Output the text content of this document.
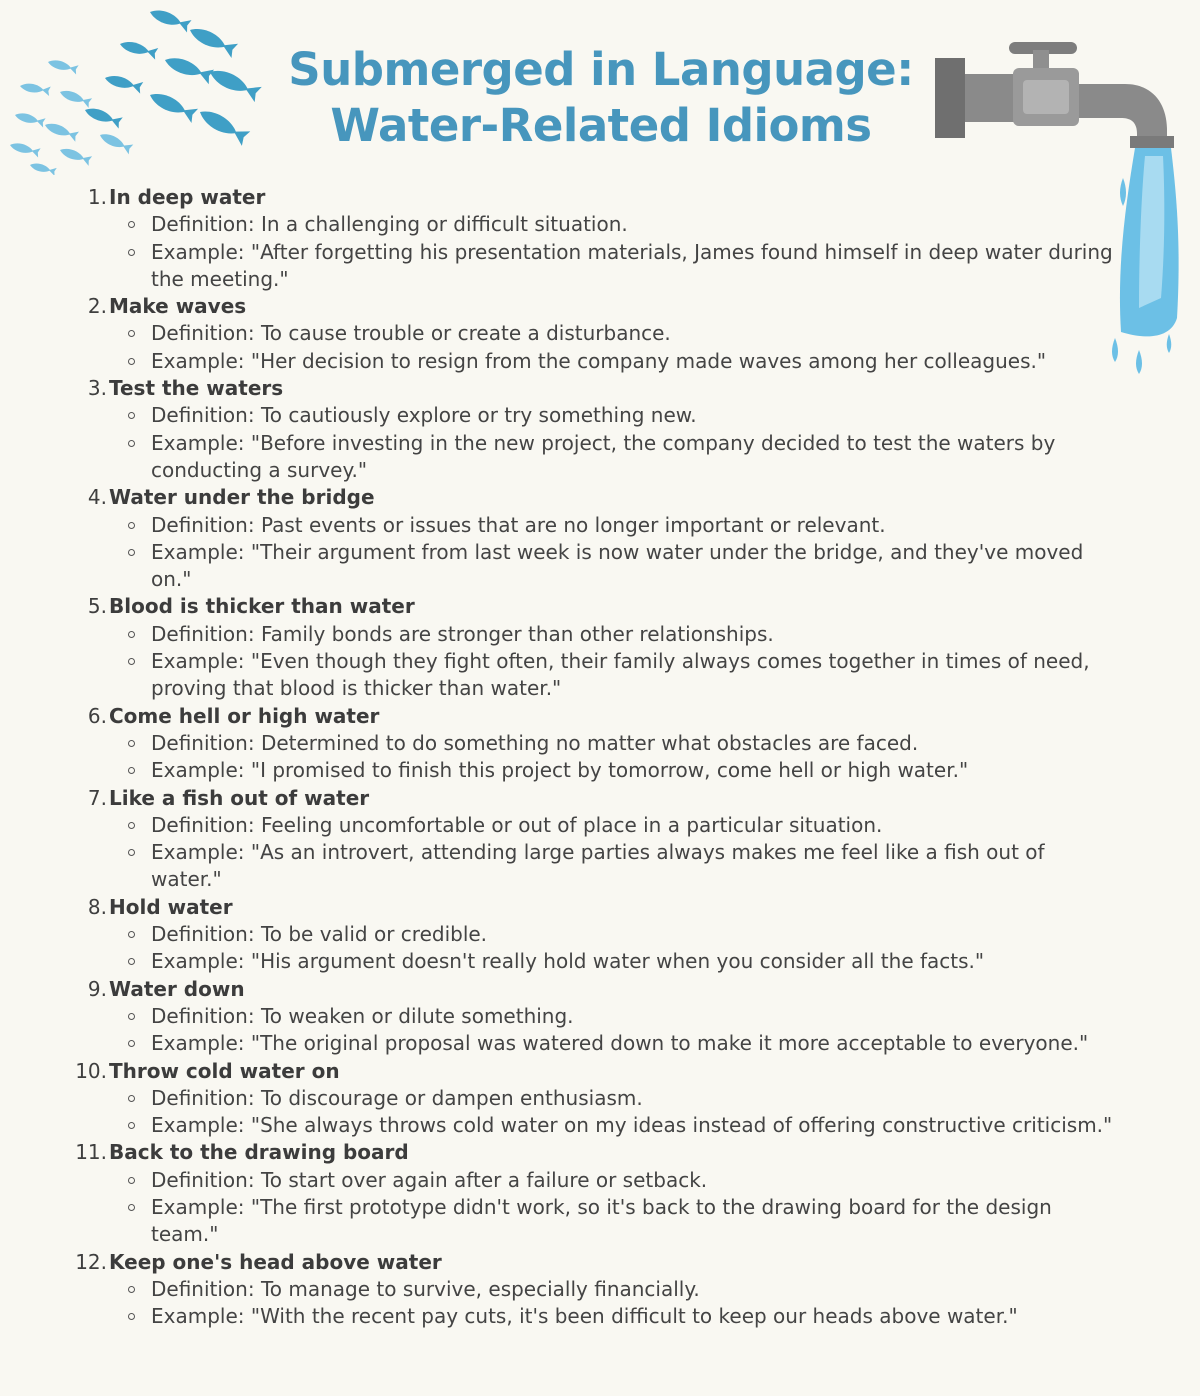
Submerged in Language:
Water-Related Idioms
1. In deep water
Definition: In a challenging or difficult situation.
Example: "After forgetting his presentation materials, James found himself in deep water during the meeting."
2. Make waves
Definition: To cause trouble or create a disturbance.
Example: "Her decision to resign from the company made waves among her colleagues."
3. Test the waters
Definition: To cautiously explore or try something new.
Example: "Before investing in the new project, the company decided to test the waters by conducting a survey."
4. Water under the bridge
Definition: Past events or issues that are no longer important or relevant.
Example: "Their argument from last week is now water under the bridge, and they've moved on."
5. Blood is thicker than water
Definition: Family bonds are stronger than other relationships.
Example: "Even though they fight often, their family always comes together in times of need, proving that blood is thicker than water."
6. Come hell or high water
Definition: Determined to do something no matter what obstacles are faced.
Example: "I promised to finish this project by tomorrow, come hell or high water."
7. Like a fish out of water
Definition: Feeling uncomfortable or out of place in a particular situation.
Example: "As an introvert, attending large parties always makes me feel like a fish out of water."
8. Hold water
Definition: To be valid or credible.
Example: "His argument doesn't really hold water when you consider all the facts."
9. Water down
Definition: To weaken or dilute something.
Example: "The original proposal was watered down to make it more acceptable to everyone."
10. Throw cold water on
Definition: To discourage or dampen enthusiasm.
Example: "She always throws cold water on my ideas instead of offering constructive criticism."
11. Back to the drawing board
Definition: To start over again after a failure or setback.
Example: "The first prototype didn't work, so it's back to the drawing board for the design team."
12. Keep one's head above water
Definition: To manage to survive, especially financially.
Example: "With the recent pay cuts, it's been difficult to keep our heads above water."
